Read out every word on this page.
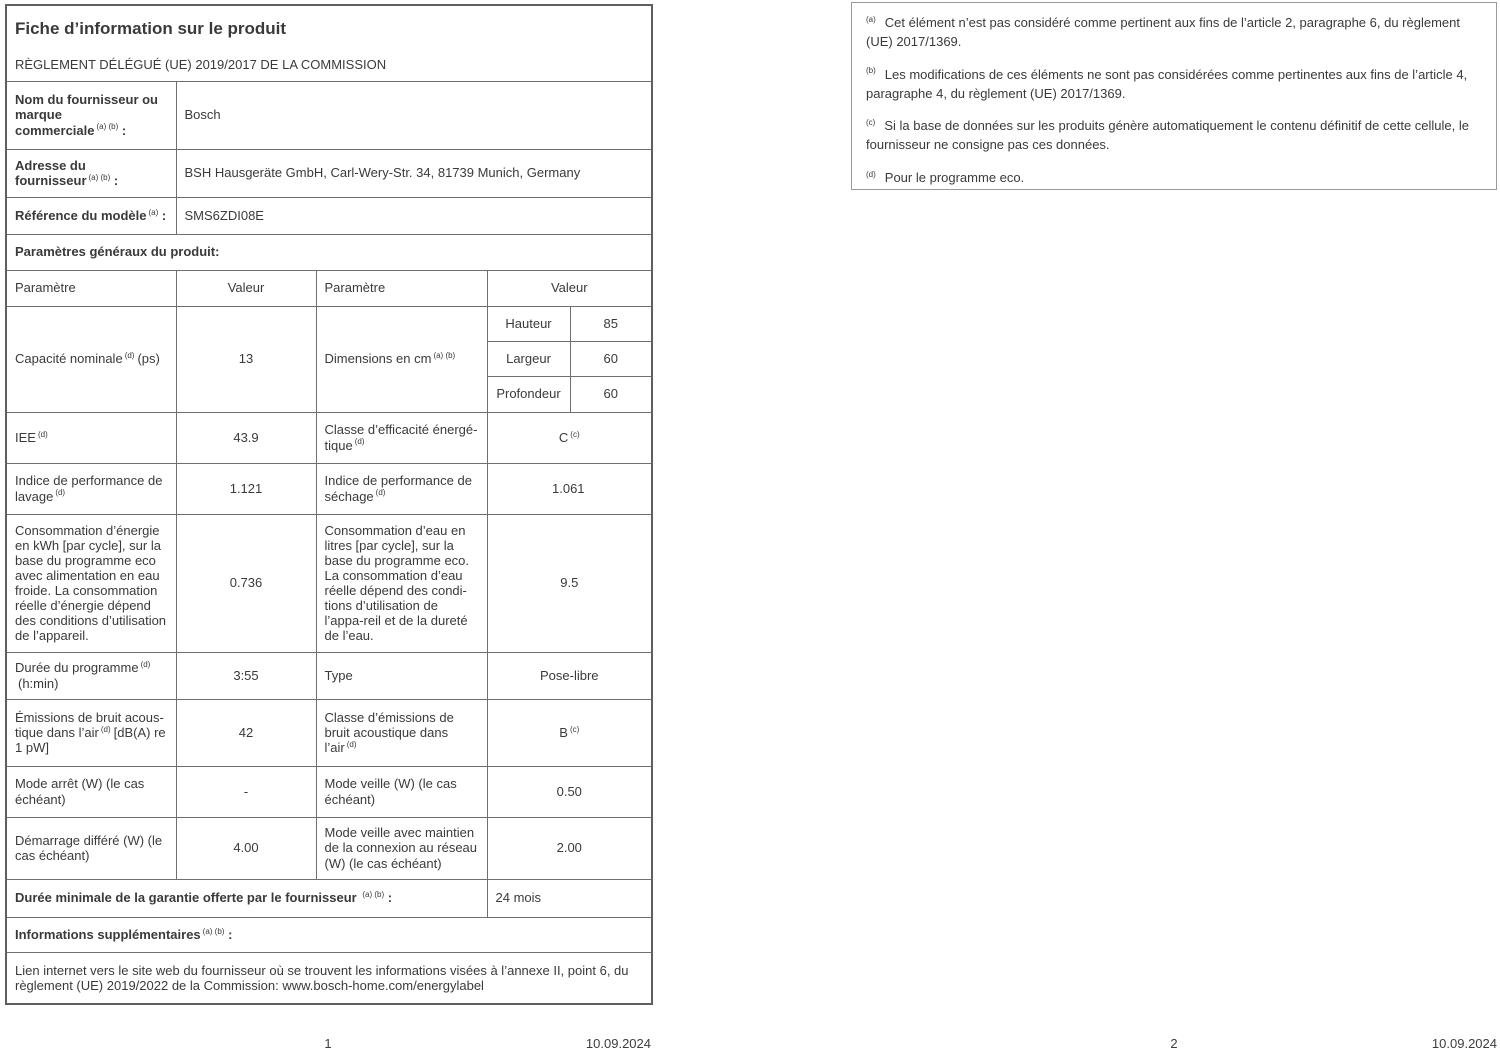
Fiche d’information sur le produit
RÈGLEMENT DÉLÉGUÉ (UE) 2019/2017 DE LA COMMISSION				

Nom du fournisseur ou marque commerciale $^{(a) (b)}$ :	Bosch			
Adresse du fournisseur $^{(a) (b)}$ :	BSH Hausgeräte GmbH, Carl-Wery-Str. 34, 81739 Munich, Germany			
Référence du modèle $^{(a)}$ :	SMS6ZDI08E			
Paramètres généraux du produit:				
Paramètre	Valeur	Paramètre	Valeur	
Capacité nominale $^{(d)}$ (ps)	13	Dimensions en cm $^{(a) (b)}$	Hauteur	85
			Largeur	60
			Profondeur	60
IEE $^{(d)}$	43.9	Classe d’efficacité énergé-tique $^{(d)}$	C $^{(c)}$
Indice de performance de lavage $^{(d)}$	1.121	Indice de performance de séchage $^{(d)}$	1.061	
Consommation d’énergie en kWh [par cycle], sur la base du programme eco avec alimentation en eau froide. La consommation réelle d’énergie dépend des conditions d’utilisation de l’appareil.	0.736	Consommation d’eau en litres [par cycle], sur la base du programme eco. La consommation d’eau réelle dépend des condi-tions d’utilisation de l’appa-reil et de la dureté de l’eau.	9.5	
Durée du programme $^{(d)}$(h:min)	3:55	Type	Pose-libre	
Émissions de bruit acous-tique dans l’air $^{(d)}$ [dB(A) re 1 pW]	42	Classe d’émissions de bruit acoustique dans l’air $^{(d)}$	B $^{(c)}$
Mode arrêt (W) (le cas échéant)	-	Mode veille (W) (le cas échéant)	0.50	
Démarrage différé (W) (le cas échéant)	4.00	Mode veille avec maintien de la connexion au réseau (W) (le cas échéant)	2.00	
Durée minimale de la garantie offerte par le fournisseur $^{(a) (b)}$ :			24 mois	
Informations supplémentaires $^{(a) (b)}$ :				
Lien internet vers le site web du fournisseur où se trouvent les informations visées à l’annexe II, point 6, du règlement (UE) 2019/2022 de la Commission: www.bosch-home.com/energylabel				

$^{(a)}$ Cet élément n’est pas considéré comme pertinent aux fins de l’article 2, paragraphe 6, du règlement (UE) 2017/1369.

$^{(b)}$ Les modifications de ces éléments ne sont pas considérées comme pertinentes aux fins de l’article 4, paragraphe 4, du règlement (UE) 2017/1369.

$^{(c)}$ Si la base de données sur les produits génère automatiquement le contenu définitif de cette cellule, le fournisseur ne consigne pas ces données.

$^{(d)}$ Pour le programme eco.

1	10.09.2024	2	10.09.2024
